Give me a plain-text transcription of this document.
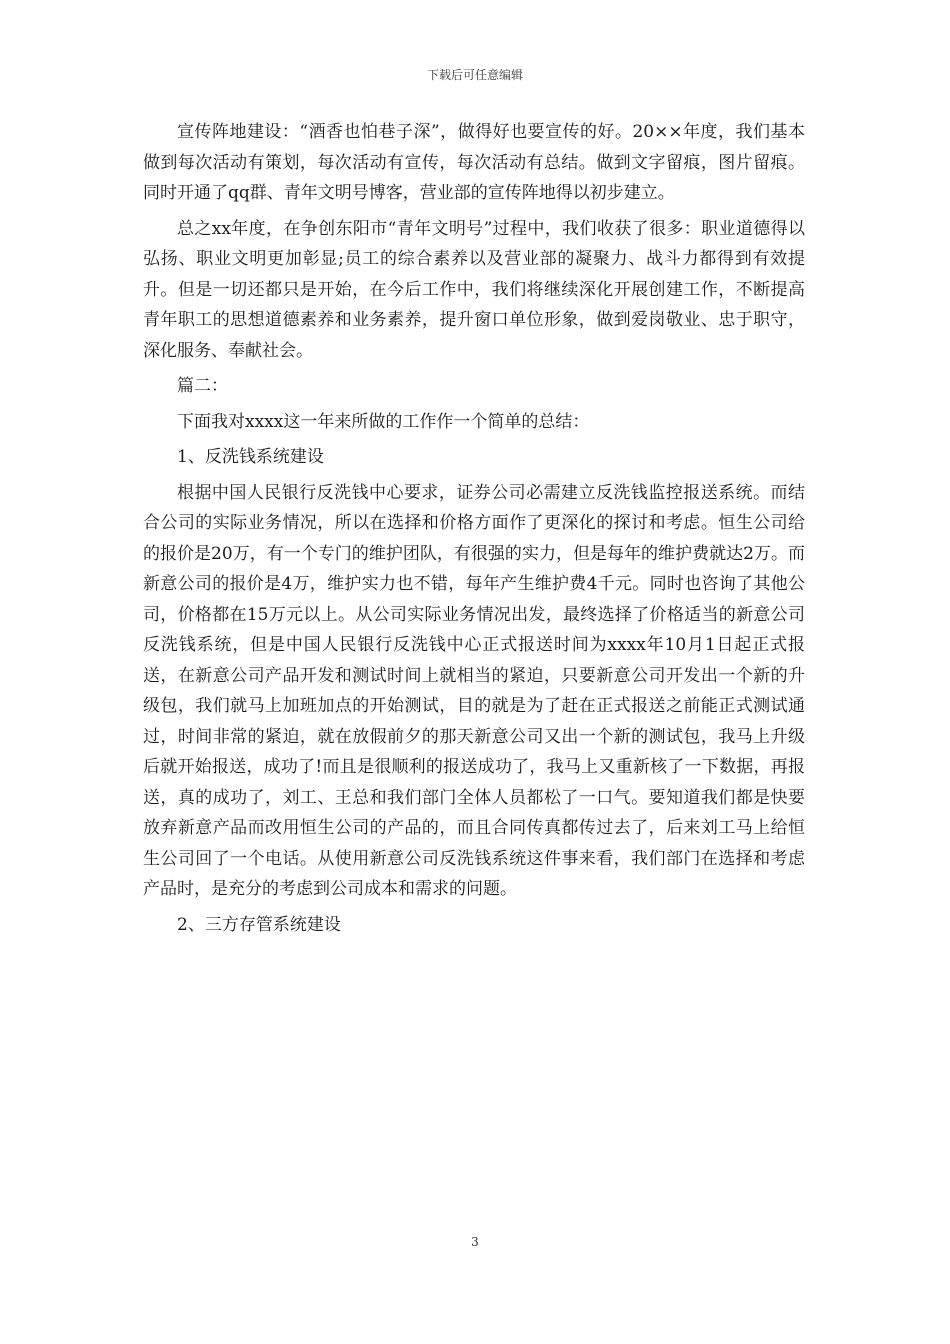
下载后可任意编辑

宣传阵地建设：“酒香也怕巷子深”，做得好也要宣传的好。20××年度，我们基本做到每次活动有策划，每次活动有宣传，每次活动有总结。做到文字留痕，图片留痕。同时开通了qq群、青年文明号博客，营业部的宣传阵地得以初步建立。

总之xx年度，在争创东阳市“青年文明号”过程中，我们收获了很多：职业道德得以弘扬、职业文明更加彰显;员工的综合素养以及营业部的凝聚力、战斗力都得到有效提升。但是一切还都只是开始，在今后工作中，我们将继续深化开展创建工作，不断提高青年职工的思想道德素养和业务素养，提升窗口单位形象，做到爱岗敬业、忠于职守，深化服务、奉献社会。

篇二：

下面我对xxxx这一年来所做的工作作一个简单的总结：

1、反洗钱系统建设

根据中国人民银行反洗钱中心要求，证券公司必需建立反洗钱监控报送系统。而结合公司的实际业务情况，所以在选择和价格方面作了更深化的探讨和考虑。恒生公司给的报价是20万，有一个专门的维护团队，有很强的实力，但是每年的维护费就达2万。而新意公司的报价是4万，维护实力也不错，每年产生维护费4千元。同时也咨询了其他公司，价格都在15万元以上。从公司实际业务情况出发，最终选择了价格适当的新意公司反洗钱系统，但是中国人民银行反洗钱中心正式报送时间为xxxx年10月1日起正式报送，在新意公司产品开发和测试时间上就相当的紧迫，只要新意公司开发出一个新的升级包，我们就马上加班加点的开始测试，目的就是为了赶在正式报送之前能正式测试通过，时间非常的紧迫，就在放假前夕的那天新意公司又出一个新的测试包，我马上升级后就开始报送，成功了!而且是很顺利的报送成功了，我马上又重新核了一下数据，再报送，真的成功了，刘工、王总和我们部门全体人员都松了一口气。要知道我们都是快要放弃新意产品而改用恒生公司的产品的，而且合同传真都传过去了，后来刘工马上给恒生公司回了一个电话。从使用新意公司反洗钱系统这件事来看，我们部门在选择和考虑产品时，是充分的考虑到公司成本和需求的问题。

2、三方存管系统建设

3
